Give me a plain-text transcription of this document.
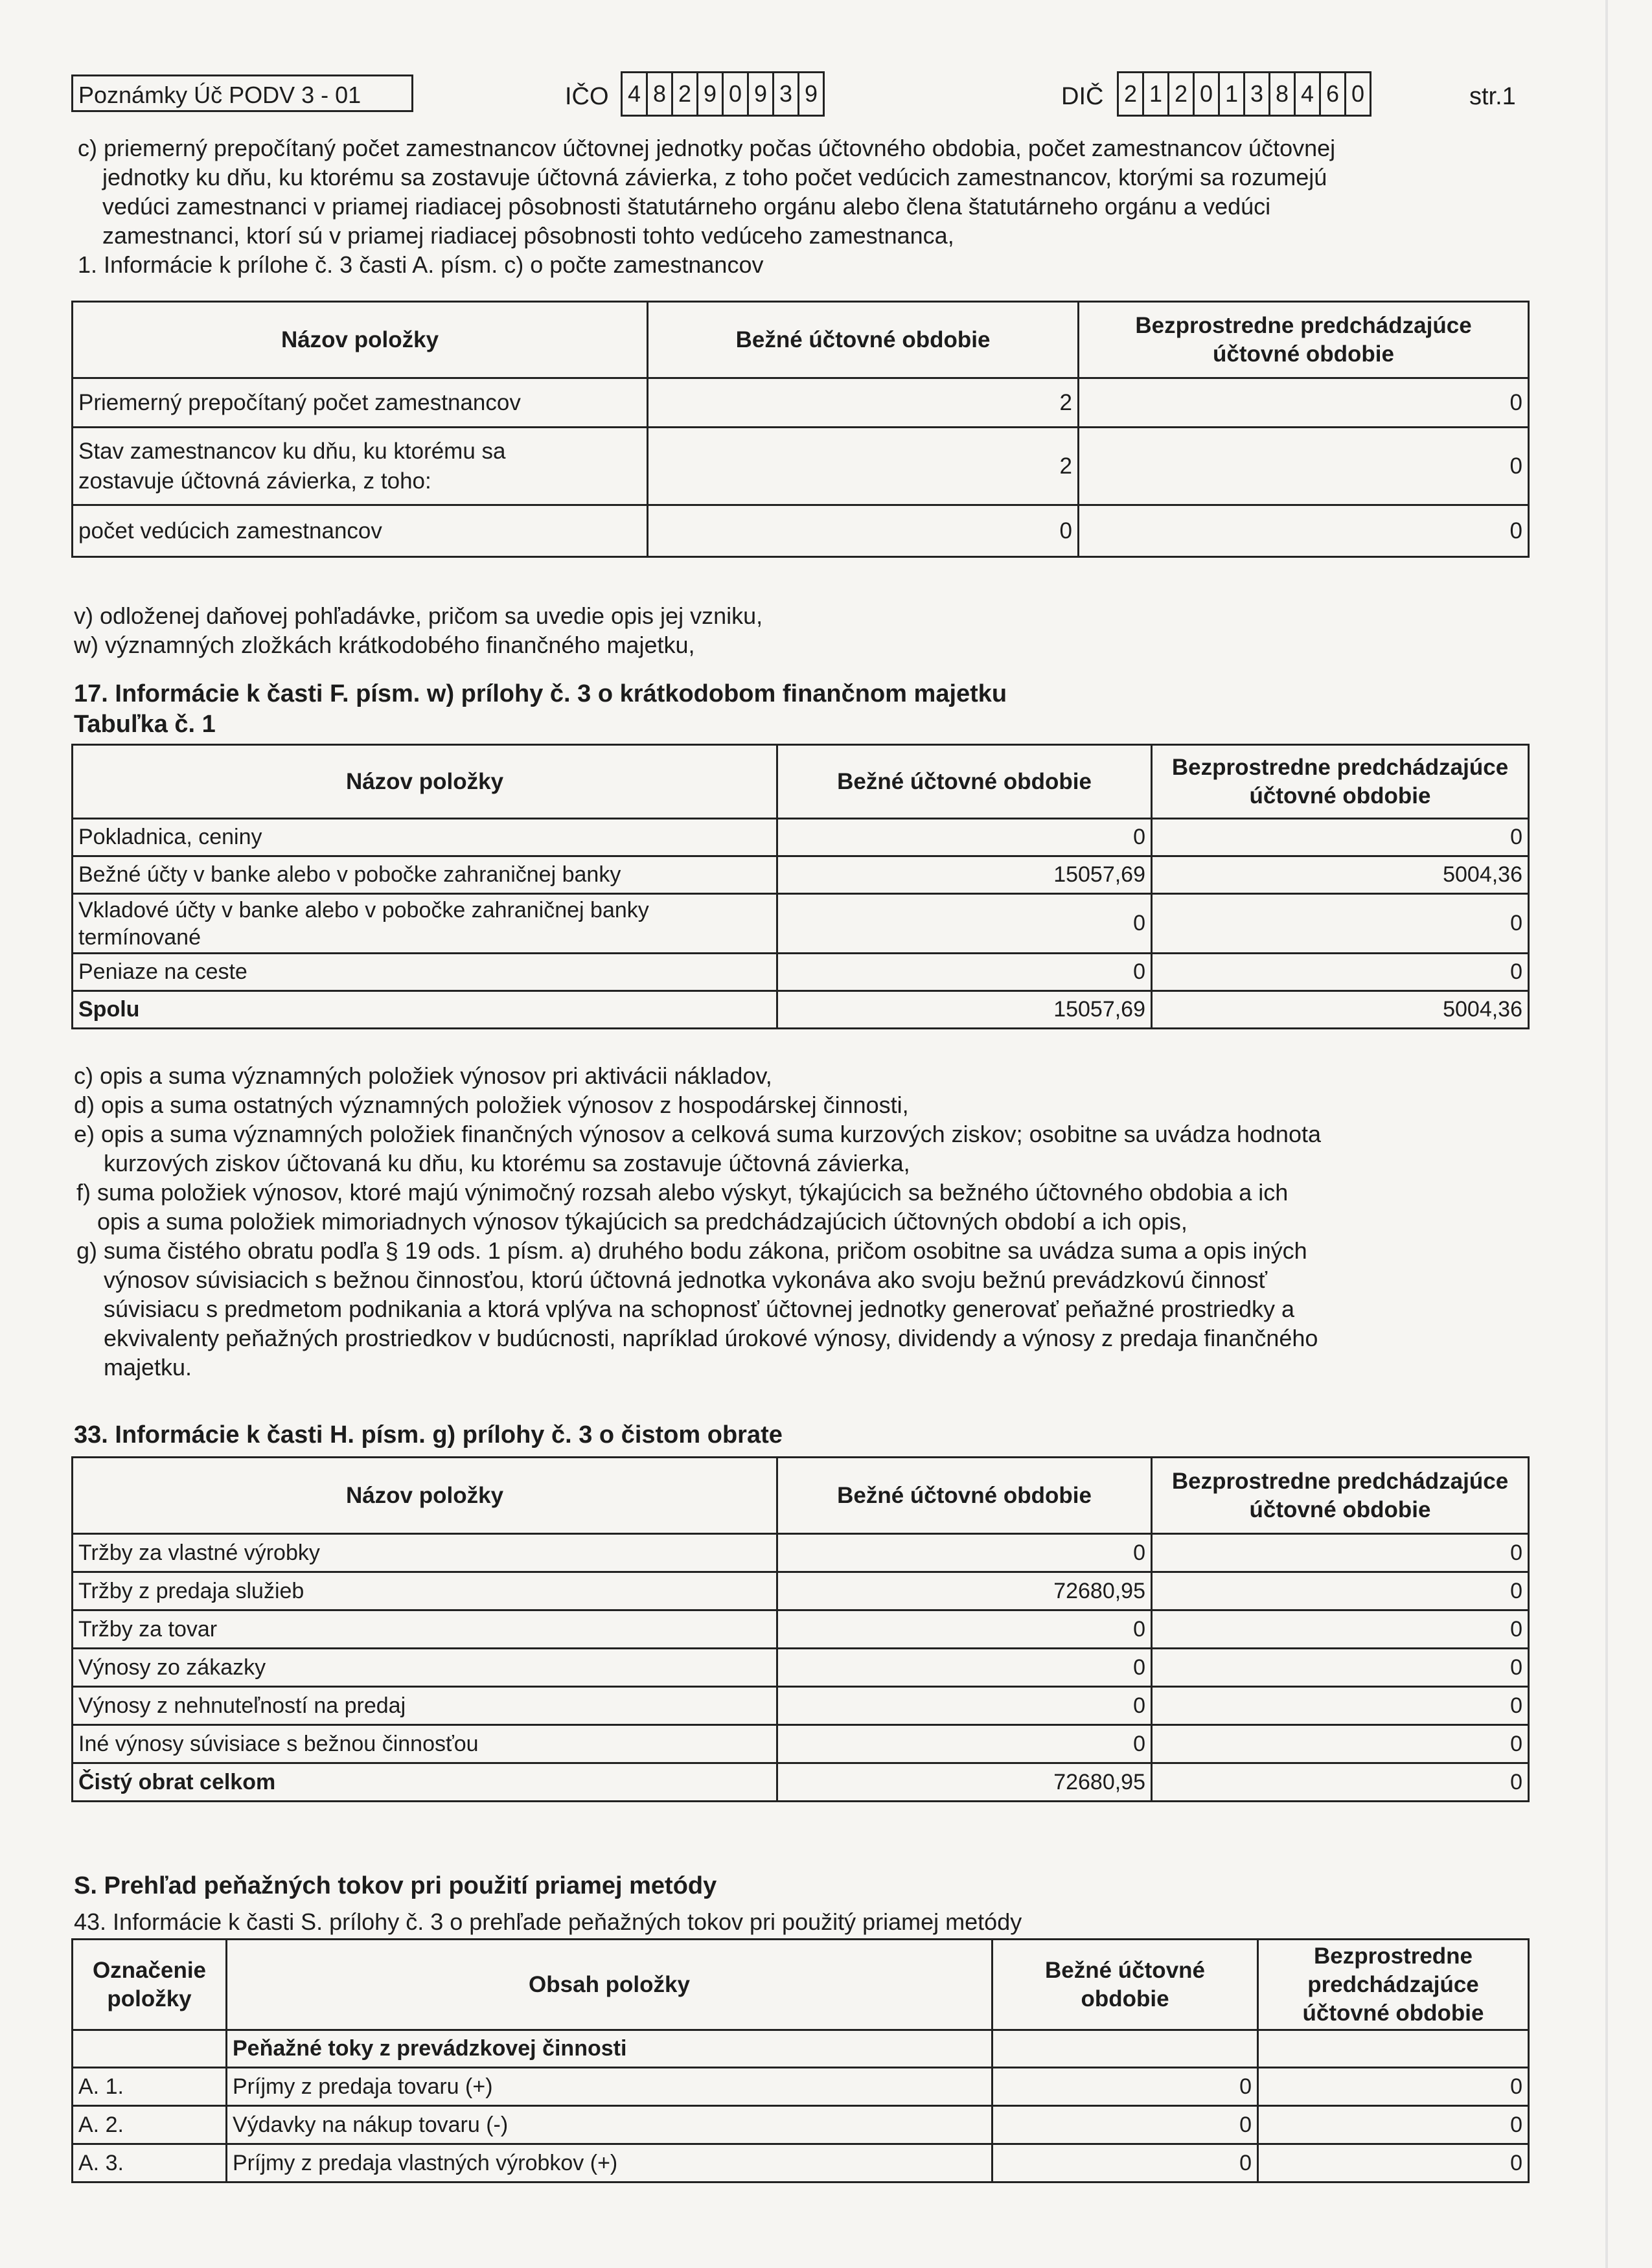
Poznámky Úč PODV 3 - 01	IČO 4 8 2 9 0 9 3 9	DIČ 2 1 2 0 1 3 8 4 6 0	str.1

c) priemerný prepočítaný počet zamestnancov účtovnej jednotky počas účtovného obdobia, počet zamestnancov účtovnej

jednotky ku dňu, ku ktorému sa zostavuje účtovná závierka, z toho počet vedúcich zamestnancov, ktorými sa rozumejú

vedúci zamestnanci v priamej riadiacej pôsobnosti štatutárneho orgánu alebo člena štatutárneho orgánu a vedúci

zamestnanci, ktorí sú v priamej riadiacej pôsobnosti tohto vedúceho zamestnanca,

1. Informácie k prílohe č. 3 časti A. písm. c) o počte zamestnancov

Názov položky	Bežné účtovné obdobie	Bezprostredne predchádzajúce účtovné obdobie
Priemerný prepočítaný počet zamestnancov	2	0
Stav zamestnancov ku dňu, ku ktorému sa zostavuje účtovná závierka, z toho:	2	0
počet vedúcich zamestnancov	0	0

v) odloženej daňovej pohľadávke, pričom sa uvedie opis jej vzniku,

w) významných zložkách krátkodobého finančného majetku,

17. Informácie k časti F. písm. w) prílohy č. 3 o krátkodobom finančnom majetku
Tabuľka č. 1
Názov položky	Bežné účtovné obdobie	Bezprostredne predchádzajúce účtovné obdobie
Pokladnica, ceniny	0	0
Bežné účty v banke alebo v pobočke zahraničnej banky	15057,69	5004,36
Vkladové účty v banke alebo v pobočke zahraničnej banky termínované	0	0
Peniaze na ceste	0	0
Spolu	15057,69	5004,36

c) opis a suma významných položiek výnosov pri aktivácii nákladov,

d) opis a suma ostatných významných položiek výnosov z hospodárskej činnosti,

e) opis a suma významných položiek finančných výnosov a celková suma kurzových ziskov; osobitne sa uvádza hodnota

kurzových ziskov účtovaná ku dňu, ku ktorému sa zostavuje účtovná závierka,

f) suma položiek výnosov, ktoré majú výnimočný rozsah alebo výskyt, týkajúcich sa bežného účtovného obdobia a ich

opis a suma položiek mimoriadnych výnosov týkajúcich sa predchádzajúcich účtovných období a ich opis,

g) suma čistého obratu podľa § 19 ods. 1 písm. a) druhého bodu zákona, pričom osobitne sa uvádza suma a opis iných

výnosov súvisiacich s bežnou činnosťou, ktorú účtovná jednotka vykonáva ako svoju bežnú prevádzkovú činnosť

súvisiacu s predmetom podnikania a ktorá vplýva na schopnosť účtovnej jednotky generovať peňažné prostriedky a

ekvivalenty peňažných prostriedkov v budúcnosti, napríklad úrokové výnosy, dividendy a výnosy z predaja finančného

majetku.

33. Informácie k časti H. písm. g) prílohy č. 3 o čistom obrate
Názov položky	Bežné účtovné obdobie	Bezprostredne predchádzajúce účtovné obdobie
Tržby za vlastné výrobky	0	0
Tržby z predaja služieb	72680,95	0
Tržby za tovar	0	0
Výnosy zo zákazky	0	0
Výnosy z nehnuteľností na predaj	0	0
Iné výnosy súvisiace s bežnou činnosťou	0	0
Čistý obrat celkom	72680,95	0
S. Prehľad peňažných tokov pri použití priamej metódy
43. Informácie k časti S. prílohy č. 3 o prehľade peňažných tokov pri použitý priamej metódy
Označenie položky	Obsah položky	Bežné účtovné obdobie	Bezprostredne predchádzajúce účtovné obdobie
	Peňažné toky z prevádzkovej činnosti		
A. 1.	Príjmy z predaja tovaru (+)	0	0
A. 2.	Výdavky na nákup tovaru (-)	0	0
A. 3.	Príjmy z predaja vlastných výrobkov (+)	0	0
